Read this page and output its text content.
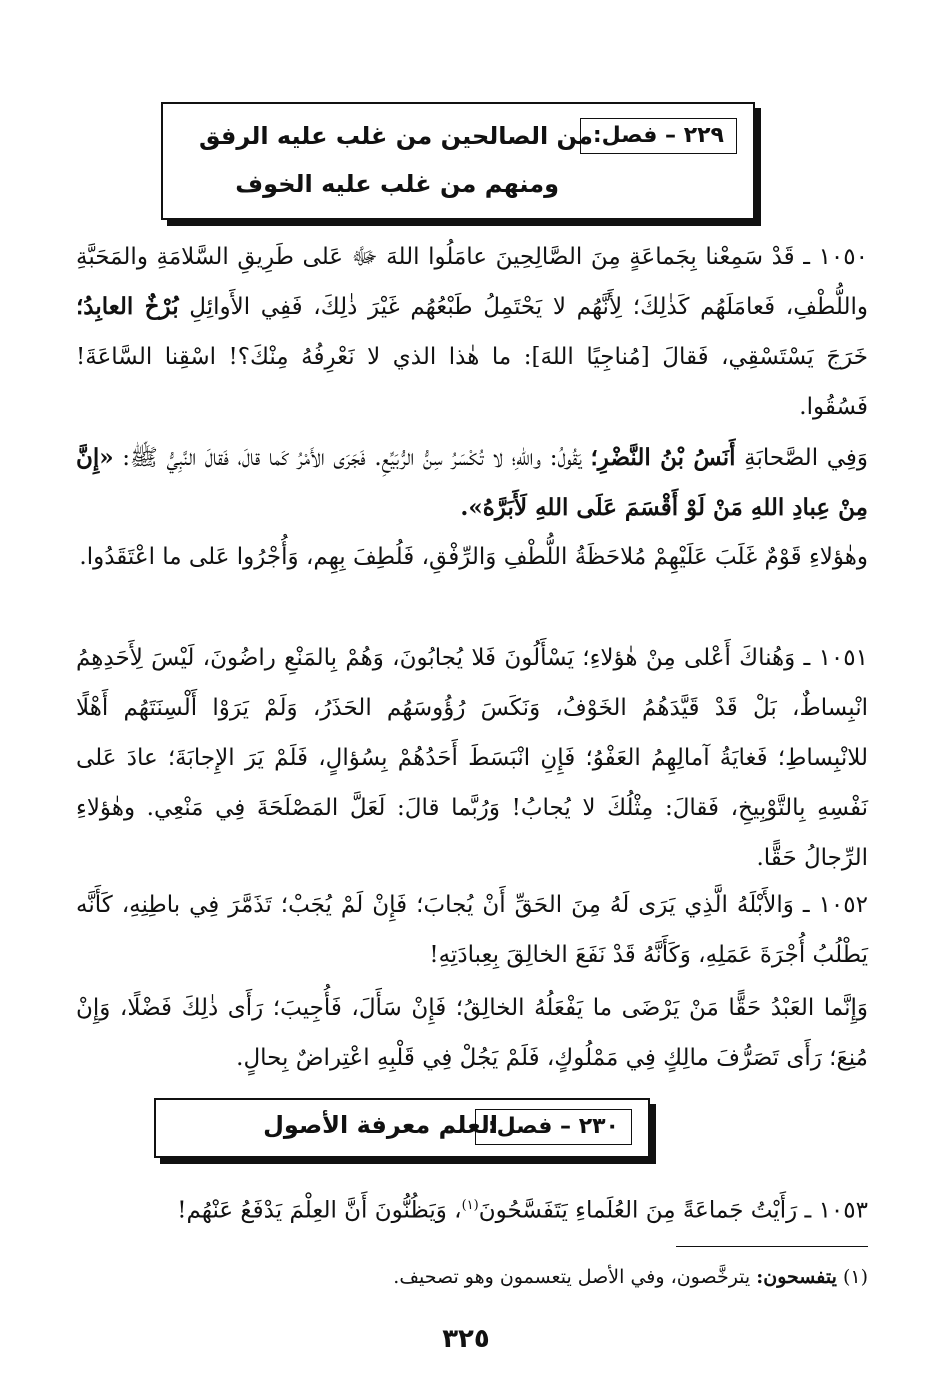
٢٢٩ – فصل:
من الصالحين من غلب عليه الرفق
ومنهم من غلب عليه الخوف

١٠٥٠ ـ قَدْ سَمِعْنا بِجَماعَةٍ مِنَ الصَّالِحِينَ عامَلُوا اللهَ ﷻ عَلى طَرِيقِ السَّلامَةِ والمَحَبَّةِ واللُّطْفِ، فَعامَلَهُم كَذٰلِكَ؛ لِأَنَّهُم لا يَحْتَمِلُ طَبْعُهُم غَيْرَ ذٰلِكَ، فَفِي الأَوائِلِ بُرْخٌ العابِدُ؛ خَرَجَ يَسْتَسْقِي، فَقالَ [مُناجِيًا اللهَ]: ما هٰذا الذي لا نَعْرِفُهُ مِنْكَ؟! اسْقِنا السَّاعَةَ! فَسُقُوا.

وَفِي الصَّحابَةِ أَنَسُ بْنُ النَّضْرِ؛ يَقُولُ: واللهِ؛ لا تُكْسَرُ سِنُّ الرُّبَيِّعِ. فَجَرَى الأَمْرُ كَما قالَ، فَقالَ النَّبِيُّ ﷺ: «إِنَّ مِنْ عِبادِ اللهِ مَنْ لَوْ أَقْسَمَ عَلَى اللهِ لَأَبَرَّهُ».

وهٰؤلاءِ قَوْمٌ غَلَبَ عَلَيْهِمْ مُلاحَظَةُ اللُّطْفِ وَالرِّفْقِ، فَلُطِفَ بِهِم، وَأُجْرُوا عَلى ما اعْتَقَدُوا.

١٠٥١ ـ وَهُناكَ أَعْلى مِنْ هٰؤلاءِ؛ يَسْأَلُونَ فَلا يُجابُونَ، وَهُمْ بِالمَنْعِ راضُونَ، لَيْسَ لِأَحَدِهِمُ انْبِساطٌ، بَلْ قَدْ قَيَّدَهُمُ الخَوْفُ، وَنَكَسَ رُؤُوسَهُم الحَذَرُ، وَلَمْ يَرَوْا أَلْسِنَتَهُم أَهْلًا للانْبِساطِ؛ فَغايَةُ آمالِهِمُ العَفْوُ؛ فَإِنِ انْبَسَطَ أَحَدُهُمْ بِسُؤالٍ، فَلَمْ يَرَ الإِجابَةَ؛ عادَ عَلى نَفْسِهِ بِالتَّوْبِيخِ، فَقالَ: مِثْلُكَ لا يُجابُ! وَرُبَّما قالَ: لَعَلَّ المَصْلَحَةَ فِي مَنْعِي. وهٰؤلاءِ الرِّجالُ حَقًّا.

١٠٥٢ ـ وَالأَبْلَهُ الَّذِي يَرَى لَهُ مِنَ الحَقِّ أَنْ يُجابَ؛ فَإِنْ لَمْ يُجَبْ؛ تَذَمَّرَ فِي باطِنِهِ، كَأَنَّه يَطْلُبُ أُجْرَةَ عَمَلِهِ، وَكَأَنَّهُ قَدْ نَفَعَ الخالِقَ بِعِبادَتِهِ!

وَإِنَّما العَبْدُ حَقًّا مَنْ يَرْضَى ما يَفْعَلُهُ الخالِقُ؛ فَإِنْ سَأَلَ، فَأُجِيبَ؛ رَأَى ذٰلِكَ فَضْلًا، وَإِنْ مُنِعَ؛ رَأَى تَصَرُّفَ مالِكٍ فِي مَمْلُوكٍ، فَلَمْ يَجُلْ فِي قَلْبِهِ اعْتِراضٌ بِحالٍ.

٢٣٠ – فصل:
العلم معرفة الأصول

١٠٥٣ ـ رَأَيْتُ جَماعَةً مِنَ العُلَماءِ يَتَفَسَّحُونَ$^{(١)}$، وَيَظُنُّونَ أَنَّ العِلْمَ يَدْفَعُ عَنْهُم!

(١) يتفسحون: يترخَّصون، وفي الأصل يتعسمون وهو تصحيف.
٣٢٥
